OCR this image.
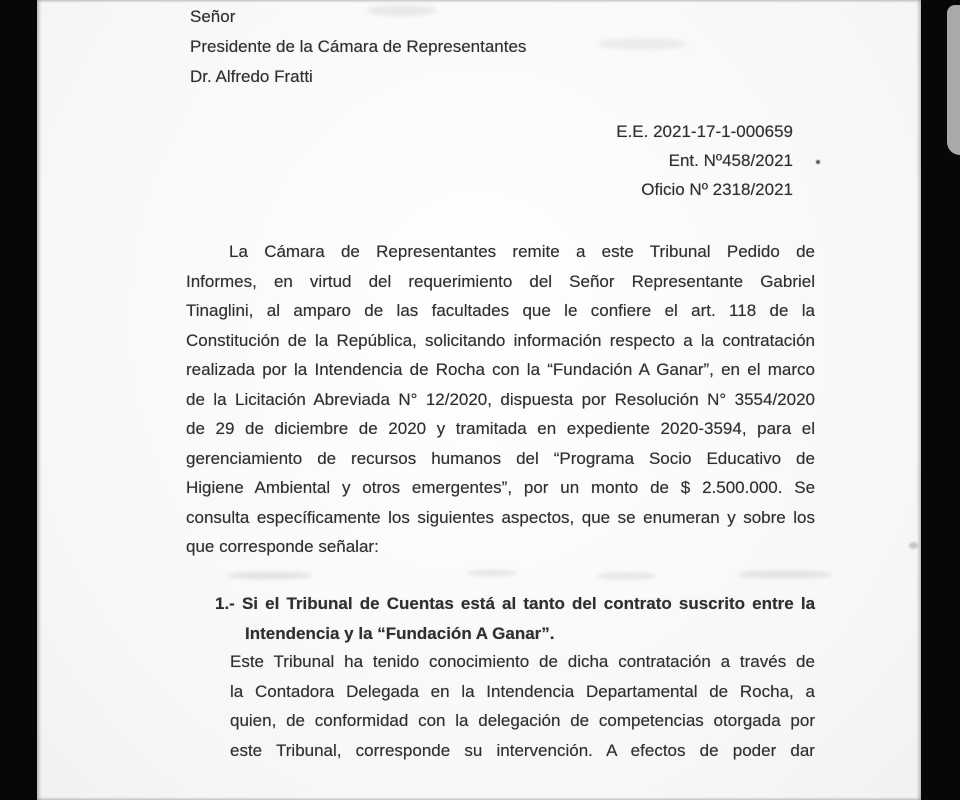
Señor
Presidente de la Cámara de Representantes
Dr. Alfredo Fratti
E.E. 2021-17-1-000659
Ent. Nº458/2021
Oficio Nº 2318/2021
La Cámara de Representantes remite a este Tribunal Pedido de
Informes, en virtud del requerimiento del Señor Representante Gabriel
Tinaglini, al amparo de las facultades que le confiere el art. 118 de la
Constitución de la República, solicitando información respecto a la contratación
realizada por la Intendencia de Rocha con la “Fundación A Ganar”, en el marco
de la Licitación Abreviada N° 12/2020, dispuesta por Resolución N° 3554/2020
de 29 de diciembre de 2020 y tramitada en expediente 2020-3594, para el
gerenciamiento de recursos humanos del “Programa Socio Educativo de
Higiene Ambiental y otros emergentes”, por un monto de $ 2.500.000. Se
consulta específicamente los siguientes aspectos, que se enumeran y sobre los
que corresponde señalar:
1.- Si el Tribunal de Cuentas está al tanto del contrato suscrito entre la
Intendencia y la “Fundación A Ganar”.
Este Tribunal ha tenido conocimiento de dicha contratación a través de
la Contadora Delegada en la Intendencia Departamental de Rocha, a
quien, de conformidad con la delegación de competencias otorgada por
este Tribunal, corresponde su intervención. A efectos de poder dar
